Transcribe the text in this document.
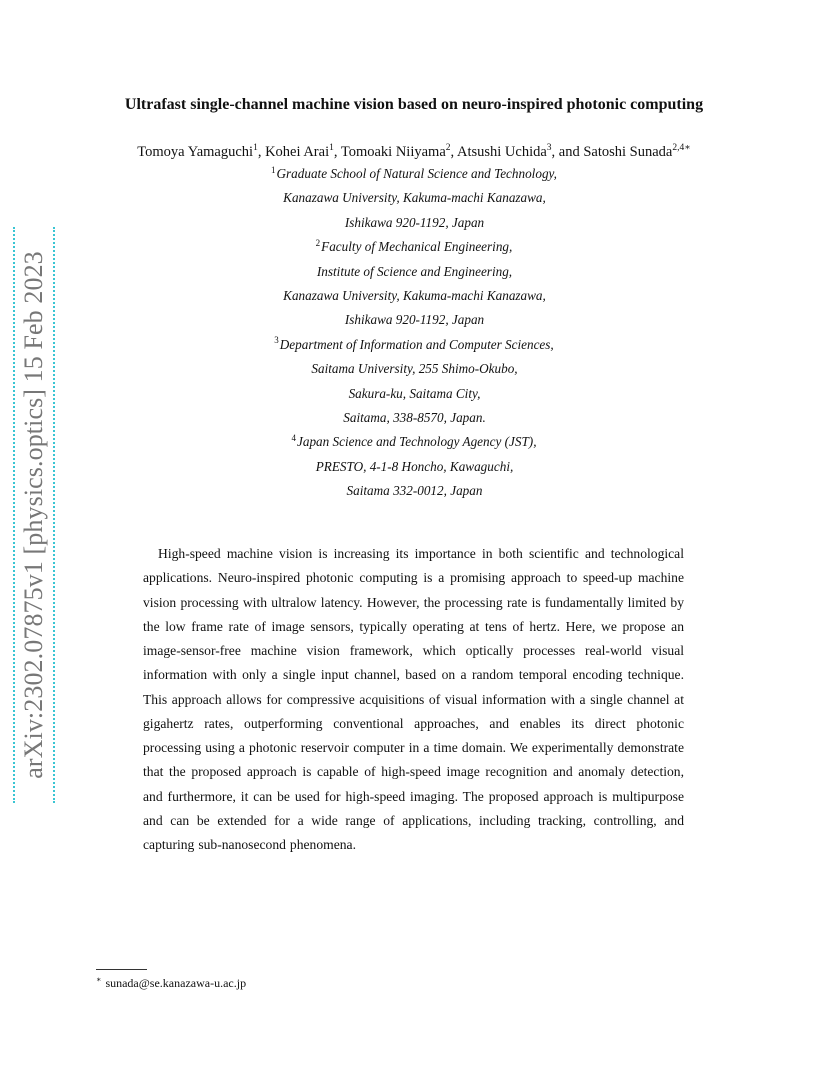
arXiv:2302.07875v1 [physics.optics] 15 Feb 2023
Ultrafast single-channel machine vision based on neuro-inspired photonic computing
Tomoya Yamaguchi$^1$, Kohei Arai$^1$, Tomoaki Niiyama$^2$, Atsushi Uchida$^3$, and Satoshi Sunada$^{2,4∗}$
$^1$Graduate School of Natural Science and Technology,
Kanazawa University, Kakuma-machi Kanazawa,
Ishikawa 920-1192, Japan
$^2$Faculty of Mechanical Engineering,
Institute of Science and Engineering,
Kanazawa University, Kakuma-machi Kanazawa,
Ishikawa 920-1192, Japan
$^3$Department of Information and Computer Sciences,
Saitama University, 255 Shimo-Okubo,
Sakura-ku, Saitama City,
Saitama, 338-8570, Japan.
$^4$Japan Science and Technology Agency (JST),
PRESTO, 4-1-8 Honcho, Kawaguchi,
Saitama 332-0012, Japan

High-speed machine vision is increasing its importance in both scientific and technological applications. Neuro-inspired photonic computing is a promising approach to speed-up machine vision processing with ultralow latency. However, the processing rate is fundamentally limited by the low frame rate of image sensors, typically operating at tens of hertz. Here, we propose an image-sensor-free machine vision framework, which optically processes real-world visual information with only a single input channel, based on a random temporal encoding technique. This approach allows for compressive acquisitions of visual information with a single channel at gigahertz rates, outperforming conventional approaches, and enables its direct photonic processing using a photonic reservoir computer in a time domain. We experimentally demonstrate that the proposed approach is capable of high-speed image recognition and anomaly detection, and furthermore, it can be used for high-speed imaging. The proposed approach is multipurpose and can be extended for a wide range of applications, including tracking, controlling, and capturing sub-nanosecond phenomena.

∗ sunada@se.kanazawa-u.ac.jp
